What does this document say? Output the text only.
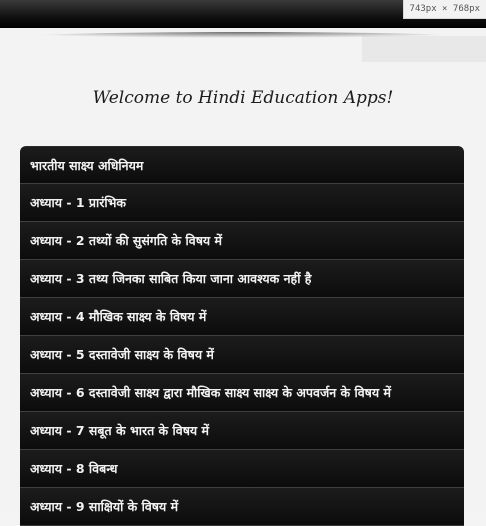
743px × 768px
Welcome to Hindi Education Apps!
भारतीय साक्ष्य अधिनियम
अध्याय - 1 प्रारंभिक
अध्याय - 2 तथ्यों की सुसंगति के विषय में
अध्याय - 3 तथ्य जिनका साबित किया जाना आवश्यक नहीं है
अध्याय - 4 मौखिक साक्ष्य के विषय में
अध्याय - 5 दस्तावेजी साक्ष्य के विषय में
अध्याय - 6 दस्तावेजी साक्ष्य द्वारा मौखिक साक्ष्य साक्ष्य के अपवर्जन के विषय में
अध्याय - 7 सबूत के भारत के विषय में
अध्याय - 8 विबन्ध
अध्याय - 9 साक्षियों के विषय में
